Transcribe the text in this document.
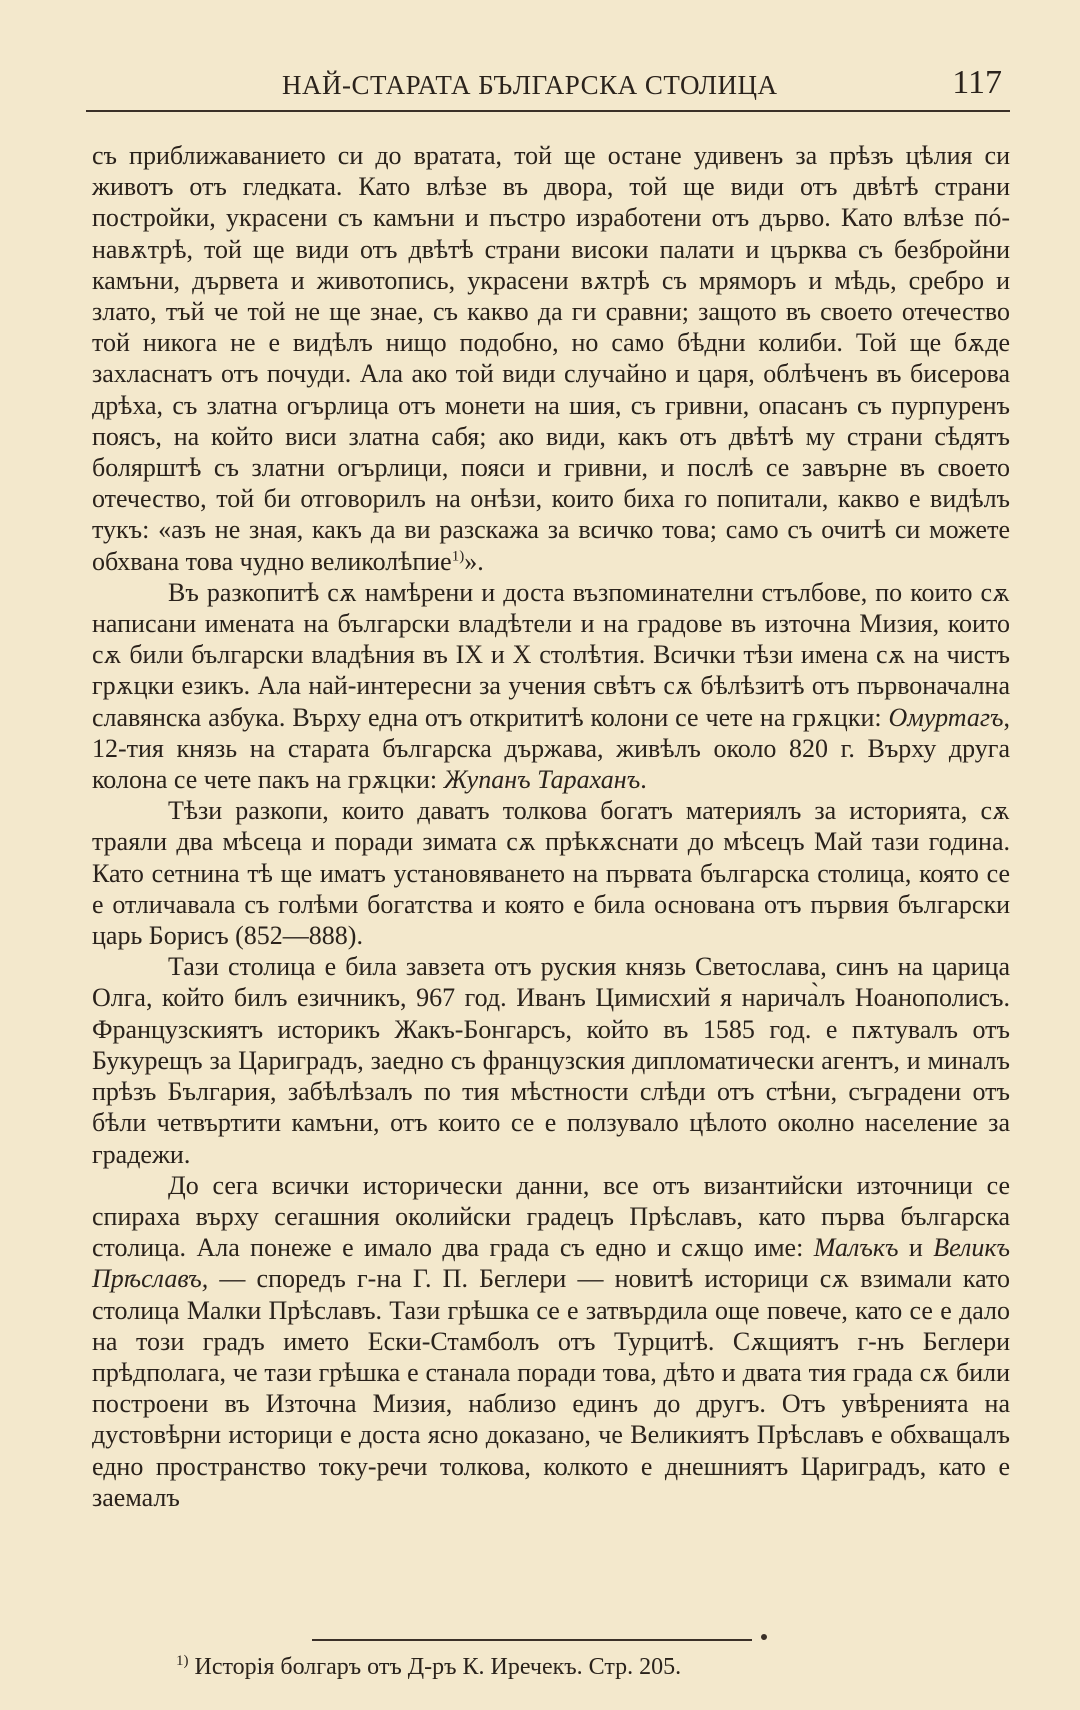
НАЙ-СТАРАТА БЪЛГАРСКА СТОЛИЦА	117

съ приближаванието си до вратата, той ще остане удивенъ за прѣзъ цѣлия си животъ отъ гледката. Като влѣзе въ двора, той ще види отъ двѣтѣ страни постройки, украсени съ камъни и пъстро изработени отъ дърво. Като влѣзе пó-навѫтрѣ, той ще види отъ двѣтѣ страни високи палати и църква съ безбройни камъни, дървета и животопись, украсени вѫтрѣ съ мряморъ и мѣдь, сребро и злато, тъй че той не ще знае, съ какво да ги сравни; защото въ своето отечество той никога не е видѣлъ нищо подобно, но само бѣдни колиби. Той ще бѫде захласнатъ отъ почуди. Ала ако той види случайно и царя, облѣченъ въ бисерова дрѣха, съ златна огърлица отъ монети на шия, съ гривни, опасанъ съ пурпуренъ поясъ, на който виси златна сабя; ако види, какъ отъ двѣтѣ му страни сѣдятъ болярштѣ съ златни огърлици, пояси и гривни, и послѣ се завърне въ своето отечество, той би отговорилъ на онѣзи, които биха го попитали, какво е видѣлъ тукъ: «азъ не зная, какъ да ви разскажа за всичко това; само съ очитѣ си можете обхвана това чудно великолѣпие$^{1)}$».

Въ разкопитѣ сѫ намѣрени и доста възпоминателни стълбове, по които сѫ написани имената на български владѣтели и на градове въ източна Мизия, които сѫ били български владѣния въ IX и X столѣтия. Всички тѣзи имена сѫ на чистъ грѫцки езикъ. Ала най-интересни за учения свѣтъ сѫ бѣлѣзитѣ отъ първоначална славянска азбука. Върху една отъ открититѣ колони се чете на грѫцки: Омуртагъ, 12-тия князь на старата българска държава, живѣлъ около 820 г. Върху друга колона се чете пакъ на грѫцки: Жупанъ Тараханъ.

Тѣзи разкопи, които даватъ толкова богатъ материялъ за историята, сѫ траяли два мѣсеца и поради зимата сѫ прѣкѫснати до мѣсецъ Май тази година. Като сетнина тѣ ще иматъ установяването на първата българска столица, която се е отличавала съ голѣми богатства и която е била основана отъ първия български царь Борисъ (852—888).

Тази столица е била завзета отъ руския князь Светослава, синъ на царица Олга, който билъ езичникъ, 967 год. Иванъ Цимисхий я нарича̀лъ Ноанополисъ. Французскиятъ историкъ Жакъ-Бонгарсъ, който въ 1585 год. е пѫтувалъ отъ Букурещъ за Цариградъ, заедно съ французския дипломатически агентъ, и миналъ прѣзъ България, забѣлѣзалъ по тия мѣстности слѣди отъ стѣни, съградени отъ бѣли четвъртити камъни, отъ които се е ползувало цѣлото околно население за градежи.

До сега всички исторически данни, все отъ византийски източници се спираха върху сегашния околийски градецъ Прѣславъ, като първа българска столица. Ала понеже е имало два града съ едно и сѫщо име: Малъкъ и Великъ Прѣславъ, — споредъ г-на Г. П. Беглери — новитѣ историци сѫ взимали като столица Малки Прѣславъ. Тази грѣшка се е затвърдила още повече, като се е дало на този градъ името Ески-Стамболъ отъ Турцитѣ. Сѫщиятъ г-нъ Беглери прѣдполага, че тази грѣшка е станала поради това, дѣто и двата тия града сѫ били построени въ Източна Мизия, наблизо единъ до другъ. Отъ увѣренията на дустовѣрни историци е доста ясно доказано, че Великиятъ Прѣславъ е обхващалъ едно пространство току-речи толкова, колкото е днешниятъ Цариградъ, като е заемалъ

$^{1)}$ Исторія болгаръ отъ Д-ръ К. Иречекъ. Стр. 205.
